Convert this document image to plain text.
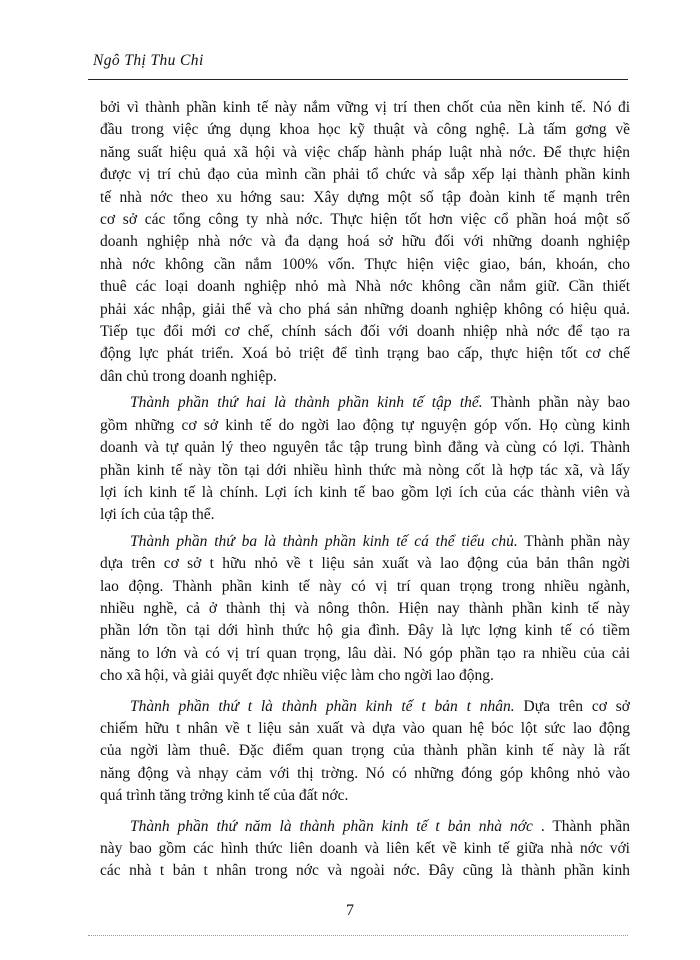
Ngô Thị Thu Chi
bởi vì thành phần kinh tế này nắm vững vị trí then chốt của nền kinh tế. Nó đi
đầu trong việc ứng dụng khoa học kỹ thuật và công nghệ. Là tấm gơng về
năng suất hiệu quả xã hội và việc chấp hành pháp luật nhà nớc. Để thực hiện
được vị trí chủ đạo của mình cần phải tổ chức và sắp xếp lại thành phần kinh
tế nhà nớc theo xu hớng sau: Xây dựng một số tập đoàn kinh tế mạnh trên
cơ sở các tổng công ty nhà nớc. Thực hiện tốt hơn việc cổ phần hoá một số
doanh nghiệp nhà nớc và đa dạng hoá sở hữu đối với những doanh nghiệp
nhà nớc không cần nắm 100% vốn. Thực hiện việc giao, bán, khoán, cho
thuê các loại doanh nghiệp nhỏ mà Nhà nớc không cần nắm giữ. Cần thiết
phải xác nhập, giải thể và cho phá sản những doanh nghiệp không có hiệu quả.
Tiếp tục đổi mới cơ chế, chính sách đối với doanh nhiệp nhà nớc để tạo ra
động lực phát triển. Xoá bỏ triệt để tình trạng bao cấp, thực hiện tốt cơ chế
dân chủ trong doanh nghiệp.
Thành phần thứ hai là thành phần kinh tế tập thể. Thành phần này bao
gồm những cơ sở kinh tế do ngời lao động tự nguyện góp vốn. Họ cùng kinh
doanh và tự quản lý theo nguyên tắc tập trung bình đẳng và cùng có lợi. Thành
phần kinh tế này tồn tại dới nhiều hình thức mà nòng cốt là hợp tác xã, và lấy
lợi ích kinh tế là chính. Lợi ích kinh tế bao gồm lợi ích của các thành viên và
lợi ích của tập thể.
Thành phần thứ ba là thành phần kinh tế cá thể tiểu chủ. Thành phần này
dựa trên cơ sở t hữu nhỏ về t liệu sản xuất và lao động của bản thân ngời
lao động. Thành phần kinh tế này có vị trí quan trọng trong nhiều ngành,
nhiều nghề, cả ở thành thị và nông thôn. Hiện nay thành phần kinh tế này
phần lớn tồn tại dới hình thức hộ gia đình. Đây là lực lợng kinh tế có tiềm
năng to lớn và có vị trí quan trọng, lâu dài. Nó góp phần tạo ra nhiều của cải
cho xã hội, và giải quyết đợc nhiều việc làm cho ngời lao động.
Thành phần thứ t là thành phần kinh tế t bản t nhân. Dựa trên cơ sở
chiếm hữu t nhân về t liệu sản xuất và dựa vào quan hệ bóc lột sức lao động
của ngời làm thuê. Đặc điểm quan trọng của thành phần kinh tế này là rất
năng động và nhạy cảm với thị trờng. Nó có những đóng góp không nhỏ vào
quá trình tăng trởng kinh tế của đất nớc.
Thành phần thứ năm là thành phần kinh tế t bản nhà nớc . Thành phần
này bao gồm các hình thức liên doanh và liên kết về kinh tế giữa nhà nớc với
các nhà t bản t nhân trong nớc và ngoài nớc. Đây cũng là thành phần kinh
7
